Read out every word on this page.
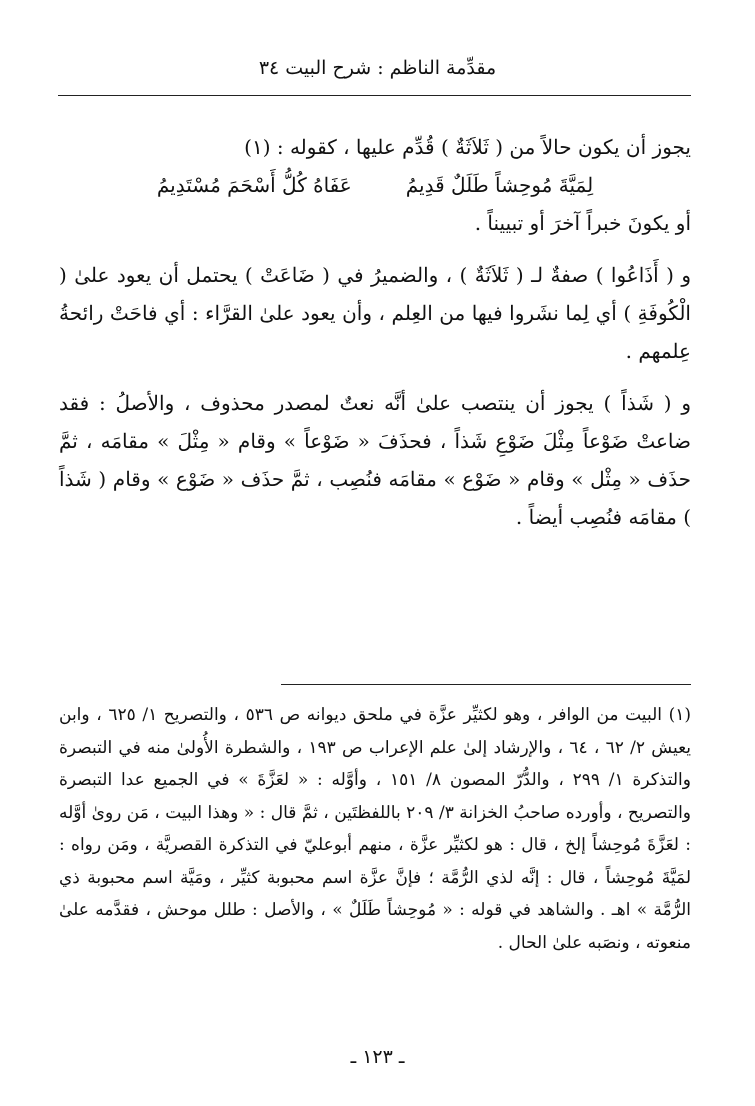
مقدِّمة الناظم : شرح البيت ٣٤

يجوز أن يكون حالاً من ( ثَلاَثَةٌ ) قُدِّم عليها ، كقوله : (١)

لِمَيَّةَ مُوحِشاً طَلَلٌ قَدِيمُ
عَفَاهُ كُلُّ أَسْحَمَ مُسْتَدِيمُ

أو يكونَ خبراً آخرَ أو تبييناً .

و ( أَذَاعُوا ) صفةٌ لـ ( ثَلاَثَةٌ ) ، والضميرُ في ( ضَاعَتْ ) يحتمل أن يعود علىٰ ( الْكُوفَةِ ) أي لِما نشَروا فيها من العِلم ، وأن يعود علىٰ القرَّاء : أي فاحَتْ رائحةُ عِلمهم .

و ( شَذاً ) يجوز أن ينتصب علىٰ أنَّه نعتٌ لمصدر محذوف ، والأصلُ : فقد ضاعتْ ضَوْعاً مِثْلَ ضَوْعِ شَذاً ، فحذَفَ « ضَوْعاً » وقام « مِثْلَ » مقامَه ، ثمَّ حذَف « مِثْل » وقام « ضَوْع » مقامَه فنُصِب ، ثمَّ حذَف « ضَوْع » وقام ( شَذاً ) مقامَه فنُصِب أيضاً .

(١) البيت من الوافر ، وهو لكثيِّر عزَّة في ملحق ديوانه ص ٥٣٦ ، والتصريح ١/ ٦٢٥ ، وابن يعيش ٢/ ٦٢ ، ٦٤ ، والإرشاد إلىٰ علم الإعراب ص ١٩٣ ، والشطرة الأُولىٰ منه في التبصرة والتذكرة ١/ ٢٩٩ ، والدُّرّ المصون ٨/ ١٥١ ، وأوَّله : « لعَزَّةَ » في الجميع عدا التبصرة والتصريح ، وأورده صاحبُ الخزانة ٣/ ٢٠٩ باللفظتَين ، ثمَّ قال : « وهذا البيت ، مَن روىٰ أوَّله : لعَزَّةَ مُوحِشاً إلخ ، قال : هو لكثيِّر عزَّة ، منهم أبوعليّ في التذكرة القصريَّة ، ومَن رواه : لمَيَّةَ مُوحِشاً ، قال : إنَّه لذي الرُّمَّة ؛ فإنَّ عزَّة اسم محبوبة كثيِّر ، ومَيَّة اسم محبوبة ذي الرُّمَّة » اهـ . والشاهد في قوله : « مُوحِشاً طَلَلٌ » ، والأصل : طلل موحش ، فقدَّمه علىٰ منعوته ، ونصَبه علىٰ الحال .

ـ ١٢٣ ـ
